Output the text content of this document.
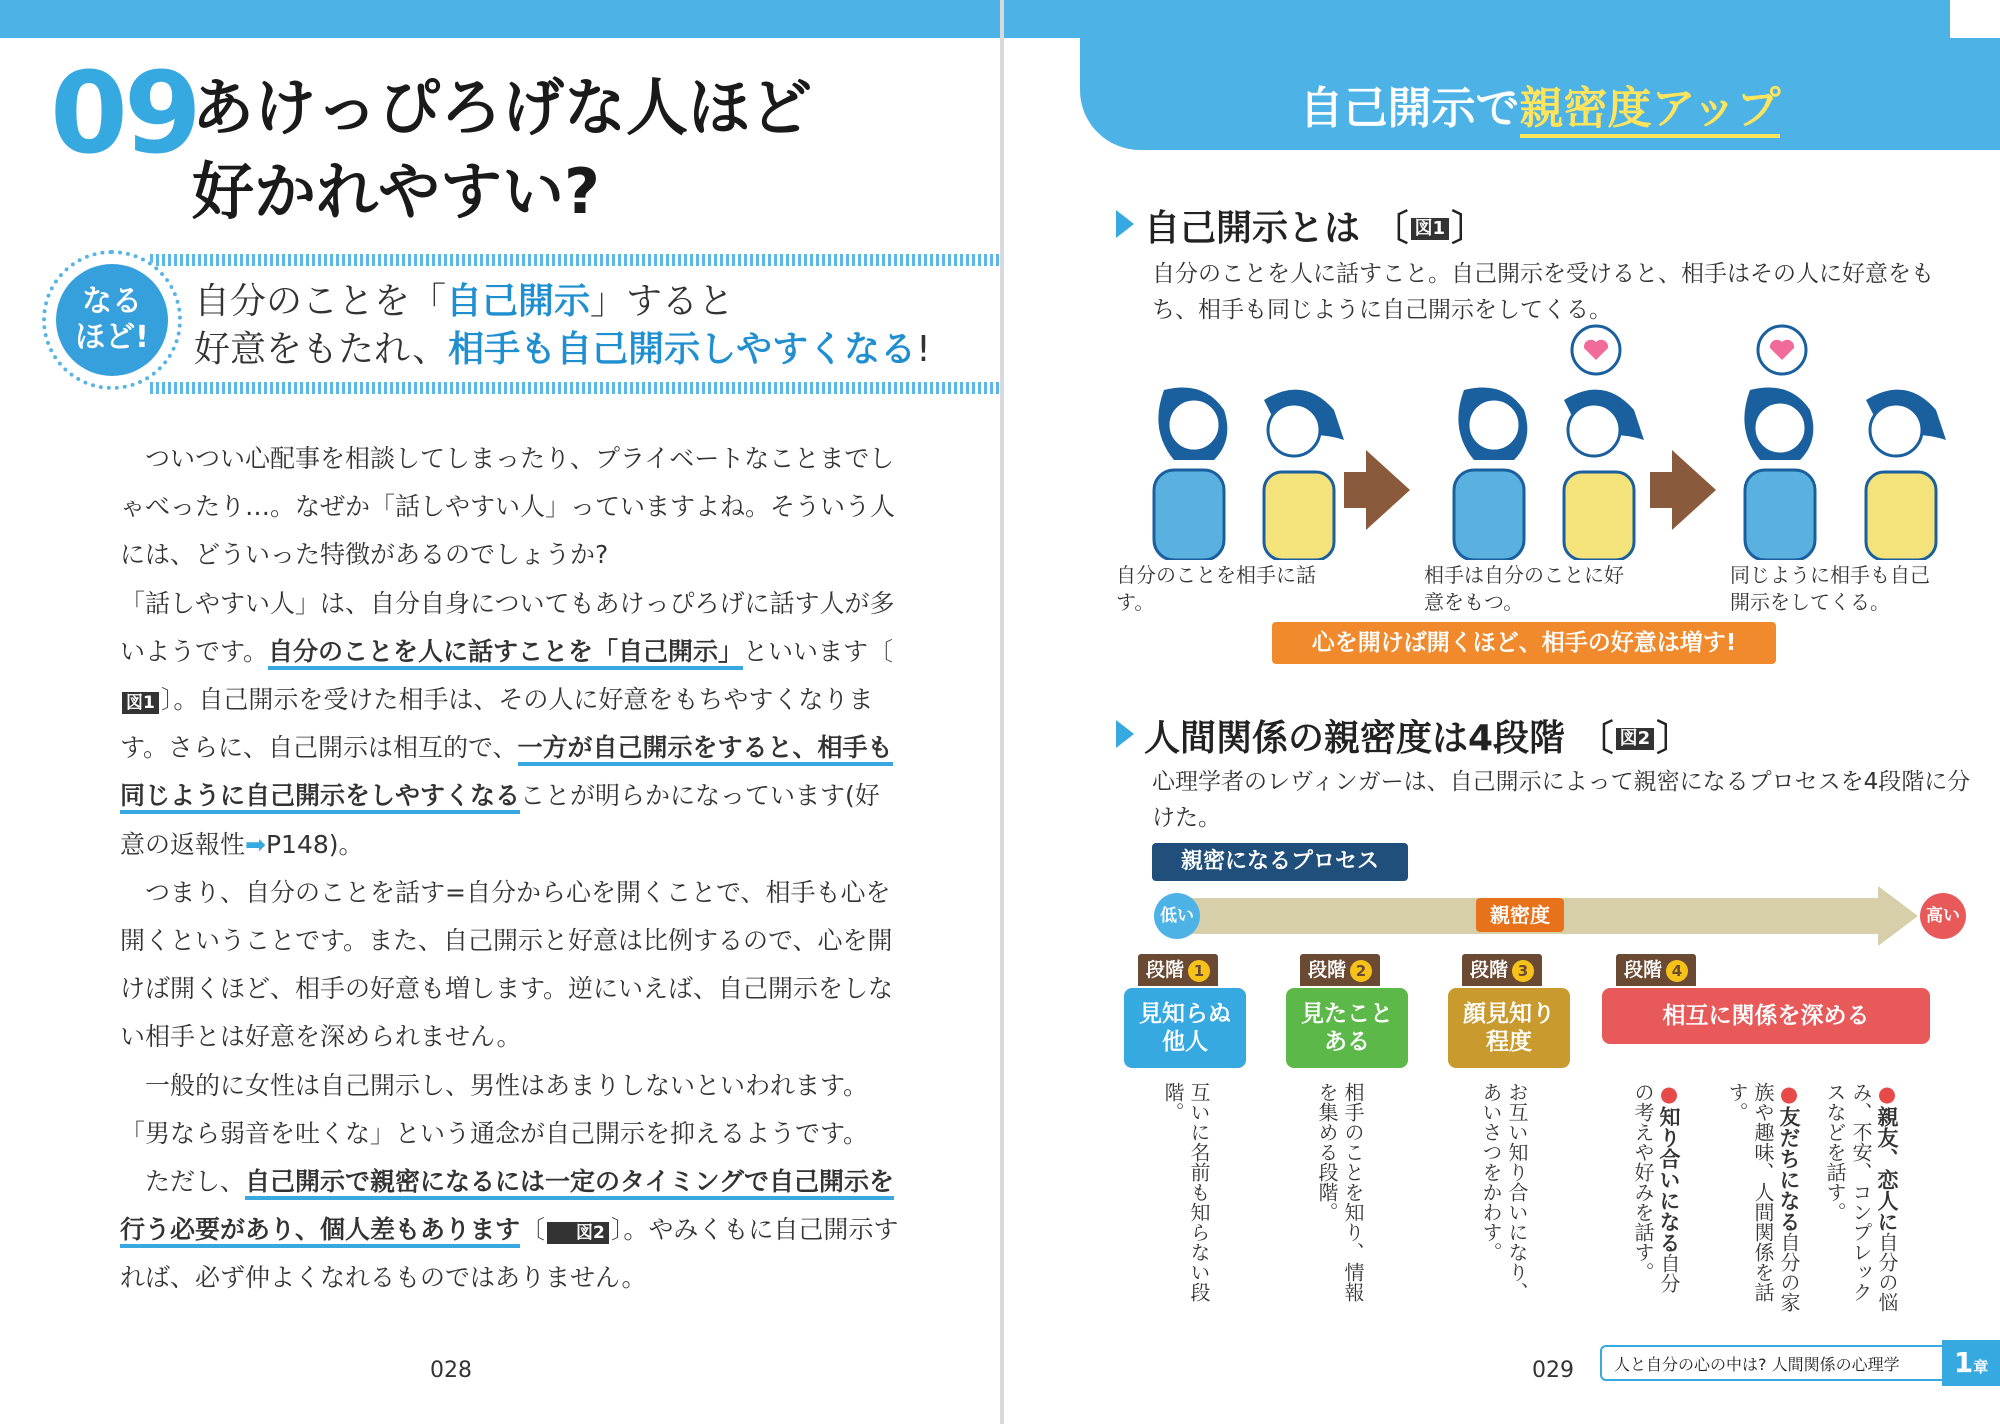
09
あけっぴろげな人ほど
好かれやすい?
なる
ほど!
自分のことを「自己開示」すると
好意をもたれ、相手も自己開示しやすくなる!

ついつい心配事を相談してしまったり、プライベートなことまでしゃべったり…。なぜか「話しやすい人」っていますよね。そういう人には、どういった特徴があるのでしょうか?

「話しやすい人」は、自分自身についてもあけっぴろげに話す人が多いようです。自分のことを人に話すことを「自己開示」といいます〔図1 〕。自己開示を受けた相手は、その人に好意をもちやすくなります。さらに、自己開示は相互的で、一方が自己開示をすると、相手も同じように自己開示をしやすくなることが明らかになっています(好意の返報性➡P148)。

つまり、自分のことを話す=自分から心を開くことで、相手も心を開くということです。また、自己開示と好意は比例するので、心を開けば開くほど、相手の好意も増します。逆にいえば、自己開示をしない相手とは好意を深められません。

一般的に女性は自己開示し、男性はあまりしないといわれます。「男なら弱音を吐くな」という通念が自己開示を抑えるようです。

ただし、自己開示で親密になるには一定のタイミングで自己開示を行う必要があり、個人差もあります〔 図2 〕。やみくもに自己開示すれば、必ず仲よくなれるものではありません。

028
自己開示で親密度アップ
自己開示とは 〔 図1 〕
自分のことを人に話すこと。自己開示を受けると、相手はその人に好意をもち、相手も同じように自己開示をしてくる。
自分のことを相手に話す。
相手は自分のことに好意をもつ。
同じように相手も自己開示をしてくる。
心を開けば開くほど、相手の好意は増す!
人間関係の親密度は4段階 〔 図2 〕
心理学者のレヴィンガーは、自己開示によって親密になるプロセスを4段階に分けた。
親密になるプロセス
低い	高い
親密度
段階 1
見知らぬ
他人
互いに名前も知らない段階。
段階 2
見たこと
ある
相手のことを知り、情報を集める段階。
段階 3
顔見知り
程度
お互い知り合いになり、あいさつをかわす。
段階 4
相互に関係を深める
●知り合いになる自分の考えや好みを話す。	●友だちになる自分の家族や趣味、人間関係を話す。	●親友、恋人に自分の悩み、不安、コンプレックスなどを話す。
029	人と自分の心の中は? 人間関係の心理学	1章
